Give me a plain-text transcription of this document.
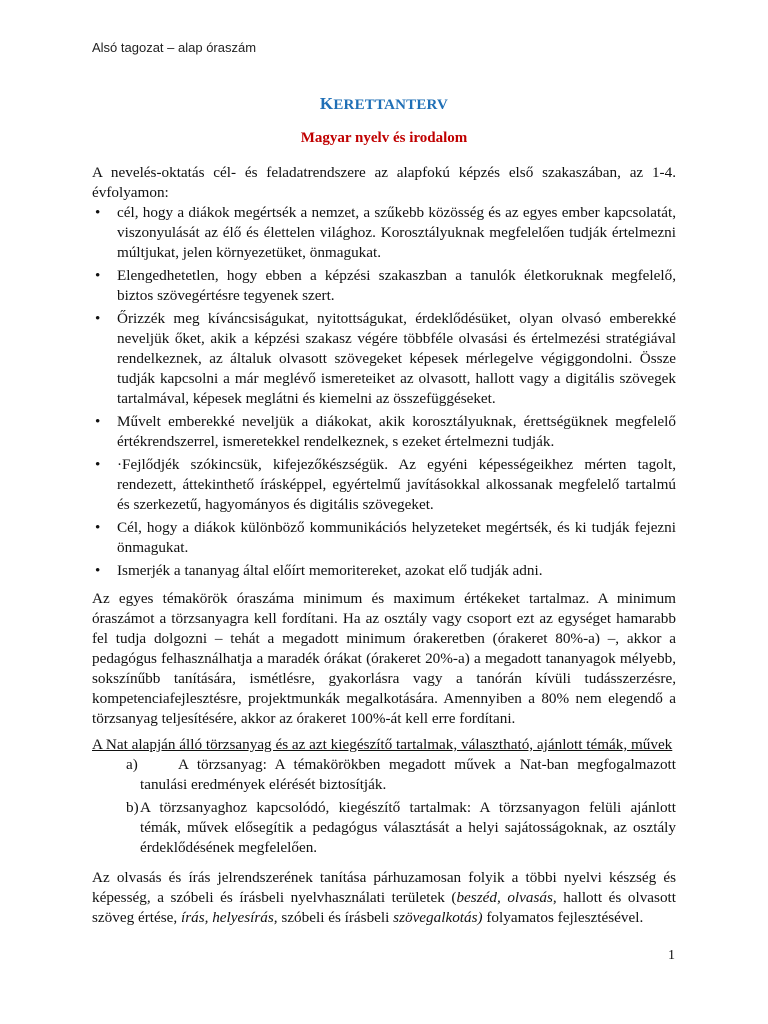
Alsó tagozat – alap óraszám
KERETTANTERV
Magyar nyelv és irodalom

A nevelés-oktatás cél- és feladatrendszere az alapfokú képzés első szakaszában, az 1-4. évfolyamon:

• cél, hogy a diákok megértsék a nemzet, a szűkebb közösség és az egyes ember kapcsolatát, viszonyulását az élő és élettelen világhoz. Korosztályuknak megfelelően tudják értelmezni múltjukat, jelen környezetüket, önmagukat.
• Elengedhetetlen, hogy ebben a képzési szakaszban a tanulók életkoruknak megfelelő, biztos szövegértésre tegyenek szert.
• Őrizzék meg kíváncsiságukat, nyitottságukat, érdeklődésüket, olyan olvasó emberekké neveljük őket, akik a képzési szakasz végére többféle olvasási és értelmezési stratégiával rendelkeznek, az általuk olvasott szövegeket képesek mérlegelve végiggondolni. Össze tudják kapcsolni a már meglévő ismereteiket az olvasott, hallott vagy a digitális szövegek tartalmával, képesek meglátni és kiemelni az összefüggéseket.
• Művelt emberekké neveljük a diákokat, akik korosztályuknak, érettségüknek megfelelő értékrendszerrel, ismeretekkel rendelkeznek, s ezeket értelmezni tudják.
• ·Fejlődjék szókincsük, kifejezőkészségük. Az egyéni képességeikhez mérten tagolt, rendezett, áttekinthető írásképpel, egyértelmű javításokkal alkossanak megfelelő tartalmú és szerkezetű, hagyományos és digitális szövegeket.
• Cél, hogy a diákok különböző kommunikációs helyzeteket megértsék, és ki tudják fejezni önmagukat.
• Ismerjék a tananyag által előírt memoritereket, azokat elő tudják adni.

Az egyes témakörök óraszáma minimum és maximum értékeket tartalmaz. A minimum óraszámot a törzsanyagra kell fordítani. Ha az osztály vagy csoport ezt az egységet hamarabb fel tudja dolgozni – tehát a megadott minimum órakeretben (órakeret 80%-a) –, akkor a pedagógus felhasználhatja a maradék órákat (órakeret 20%-a) a megadott tananyagok mélyebb, sokszínűbb tanítására, ismétlésre, gyakorlásra vagy a tanórán kívüli tudásszerzésre, kompetenciafejlesztésre, projektmunkák megalkotására. Amennyiben a 80% nem elegendő a törzsanyag teljesítésére, akkor az órakeret 100%-át kell erre fordítani.

A Nat alapján álló törzsanyag és az azt kiegészítő tartalmak, választható, ajánlott témák, művek

a)	A törzsanyag: A témakörökben megadott művek a Nat-ban megfogalmazott tanulási eredmények elérését biztosítják.
b) A törzsanyaghoz kapcsolódó, kiegészítő tartalmak: A törzsanyagon felüli ajánlott témák, művek elősegítik a pedagógus választását a helyi sajátosságoknak, az osztály érdeklődésének megfelelően.

Az olvasás és írás jelrendszerének tanítása párhuzamosan folyik a többi nyelvi készség és képesség, a szóbeli és írásbeli nyelvhasználati területek (beszéd, olvasás, hallott és olvasott szöveg értése, írás, helyesírás, szóbeli és írásbeli szövegalkotás) folyamatos fejlesztésével.

1
